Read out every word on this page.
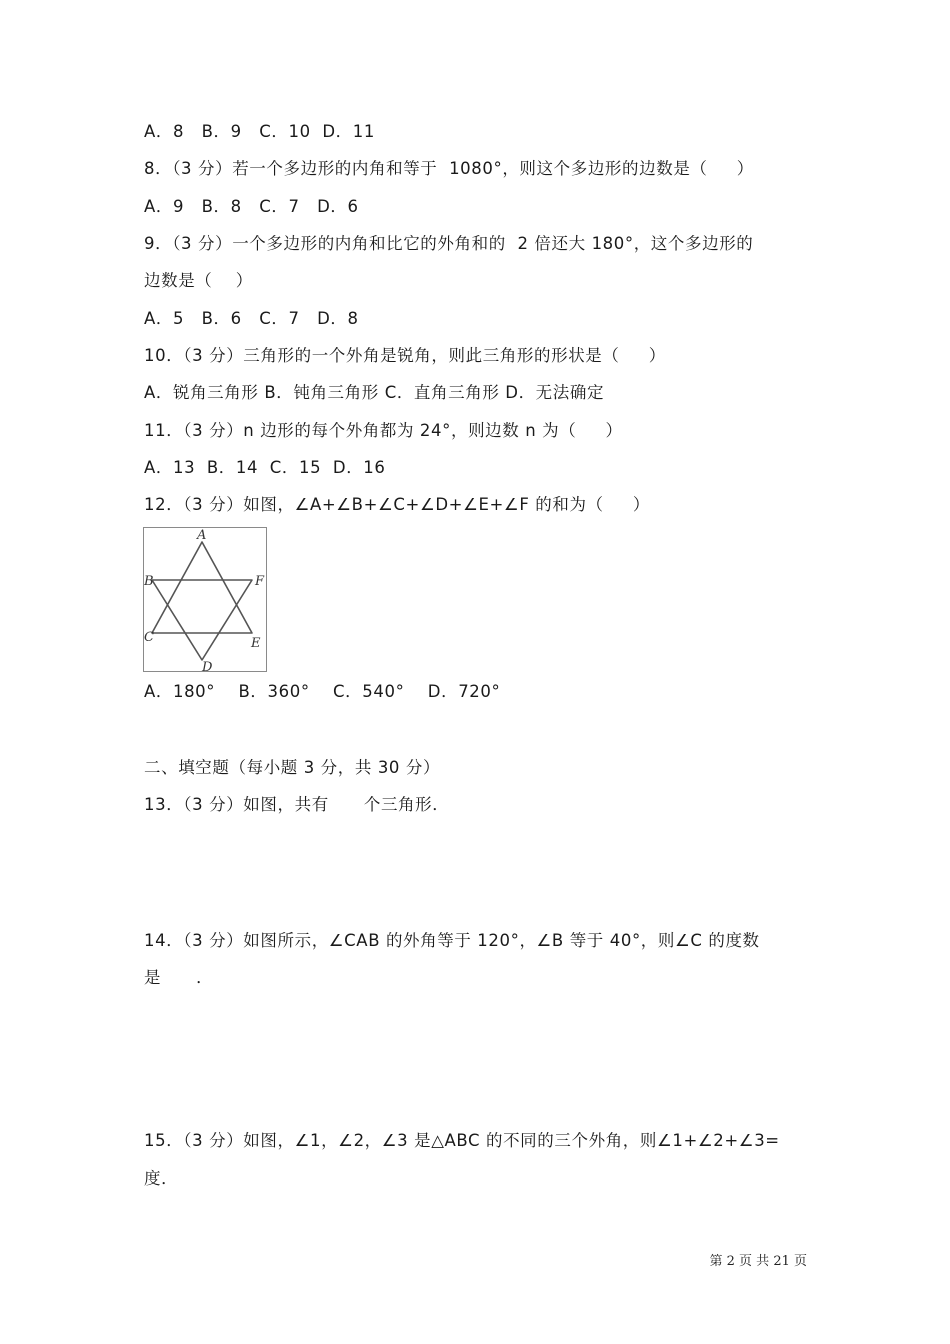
A．8   B．9   C．10  D．11
8．（3 分）若一个多边形的内角和等于  1080°，则这个多边形的边数是（     ）
A．9   B．8   C．7   D．6
9．（3 分）一个多边形的内角和比它的外角和的  2 倍还大 180°，这个多边形的
边数是（    ）
A．5   B．6   C．7   D．8
10．（3 分）三角形的一个外角是锐角，则此三角形的形状是（     ）
A．锐角三角形 B．钝角三角形 C．直角三角形 D．无法确定
11．（3 分）n 边形的每个外角都为 24°，则边数 n 为（     ）
A．13  B．14  C．15  D．16
12．（3 分）如图，∠A+∠B+∠C+∠D+∠E+∠F 的和为（     ）
A
B	F
C	E
D
A．180°    B．360°    C．540°    D．720°
二、填空题（每小题 3 分，共 30 分）
13．（3 分）如图，共有      个三角形．
14．（3 分）如图所示，∠CAB 的外角等于 120°，∠B 等于 40°，则∠C 的度数
是      ．
15．（3 分）如图，∠1，∠2，∠3 是△ABC 的不同的三个外角，则∠1+∠2+∠3=
度．
第 2 页 共 21 页
